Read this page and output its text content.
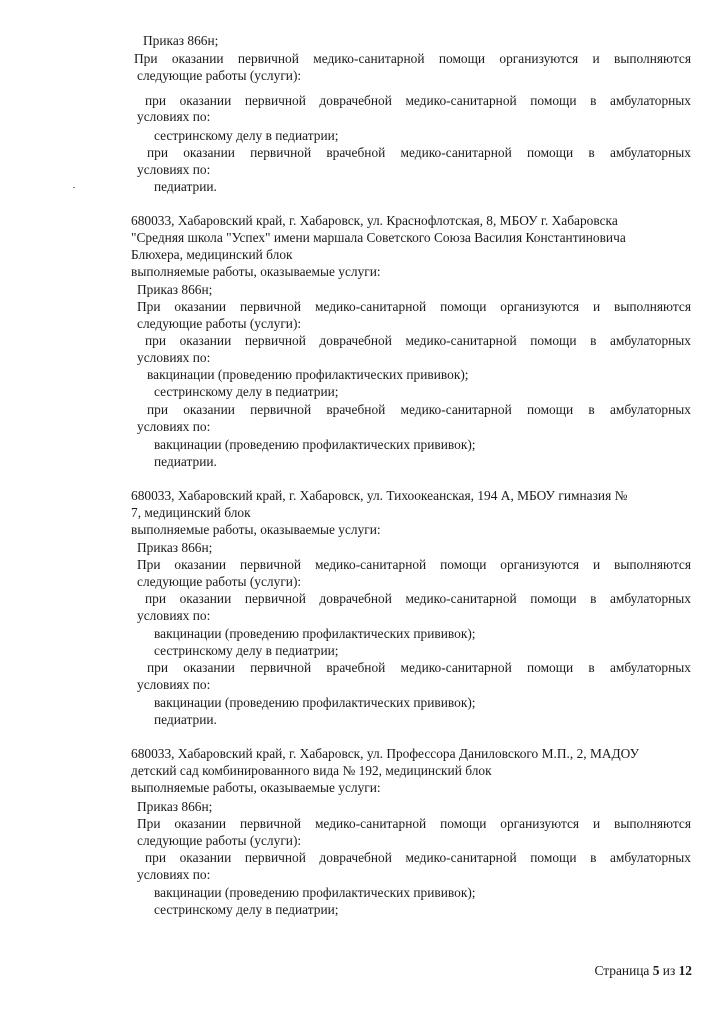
Приказ 866н;
При оказании первичной медико-санитарной помощи организуются и выполняются
следующие работы (услуги):
при оказании первичной доврачебной медико-санитарной помощи в амбулаторных
условиях по:
сестринскому делу в педиатрии;
при оказании первичной врачебной медико-санитарной помощи в амбулаторных
условиях по:
педиатрии.
680033, Хабаровский край, г. Хабаровск, ул. Краснофлотская, 8, МБОУ г. Хабаровска
"Средняя школа "Успех" имени маршала Советского Союза Василия Константиновича
Блюхера, медицинский блок
выполняемые работы, оказываемые услуги:
Приказ 866н;
При оказании первичной медико-санитарной помощи организуются и выполняются
следующие работы (услуги):
при оказании первичной доврачебной медико-санитарной помощи в амбулаторных
условиях по:
вакцинации (проведению профилактических прививок);
сестринскому делу в педиатрии;
при оказании первичной врачебной медико-санитарной помощи в амбулаторных
условиях по:
вакцинации (проведению профилактических прививок);
педиатрии.
680033, Хабаровский край, г. Хабаровск, ул. Тихоокеанская, 194 А, МБОУ гимназия №
7, медицинский блок
выполняемые работы, оказываемые услуги:
Приказ 866н;
При оказании первичной медико-санитарной помощи организуются и выполняются
следующие работы (услуги):
при оказании первичной доврачебной медико-санитарной помощи в амбулаторных
условиях по:
вакцинации (проведению профилактических прививок);
сестринскому делу в педиатрии;
при оказании первичной врачебной медико-санитарной помощи в амбулаторных
условиях по:
вакцинации (проведению профилактических прививок);
педиатрии.
680033, Хабаровский край, г. Хабаровск, ул. Профессора Даниловского М.П., 2, МАДОУ
детский сад комбинированного вида № 192, медицинский блок
выполняемые работы, оказываемые услуги:
Приказ 866н;
При оказании первичной медико-санитарной помощи организуются и выполняются
следующие работы (услуги):
при оказании первичной доврачебной медико-санитарной помощи в амбулаторных
условиях по:
вакцинации (проведению профилактических прививок);
сестринскому делу в педиатрии;
Страница 5 из 12
